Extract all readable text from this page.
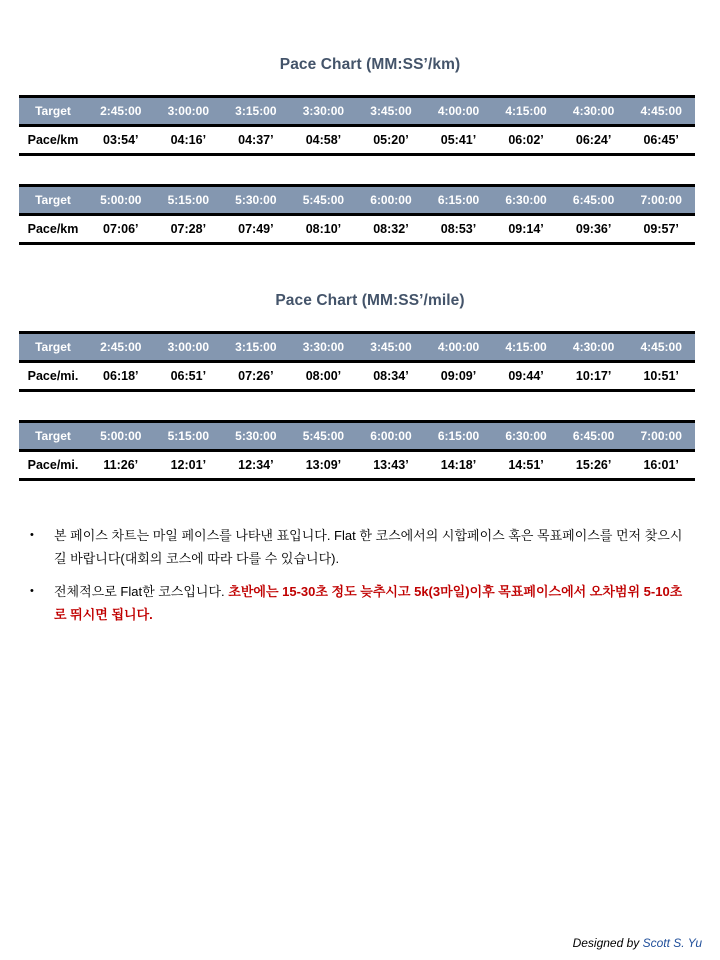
Pace Chart (MM:SS’/km)
Target	2:45:00	3:00:00	3:15:00	3:30:00	3:45:00	4:00:00	4:15:00	4:30:00	4:45:00
Pace/km	03:54’	04:16’	04:37’	04:58’	05:20’	05:41’	06:02’	06:24’	06:45’
Target	5:00:00	5:15:00	5:30:00	5:45:00	6:00:00	6:15:00	6:30:00	6:45:00	7:00:00
Pace/km	07:06’	07:28’	07:49’	08:10’	08:32’	08:53’	09:14’	09:36’	09:57’
Pace Chart (MM:SS’/mile)
Target	2:45:00	3:00:00	3:15:00	3:30:00	3:45:00	4:00:00	4:15:00	4:30:00	4:45:00
Pace/mi.	06:18’	06:51’	07:26’	08:00’	08:34’	09:09’	09:44’	10:17’	10:51’
Target	5:00:00	5:15:00	5:30:00	5:45:00	6:00:00	6:15:00	6:30:00	6:45:00	7:00:00
Pace/mi.	11:26’	12:01’	12:34’	13:09’	13:43’	14:18’	14:51’	15:26’	16:01’
• 본 페이스 차트는 마일 페이스를 나타낸 표입니다. Flat 한 코스에서의 시합페이스 혹은 목표페이스를 먼저 찾으시길 바랍니다(대회의 코스에 따라 다를 수 있습니다).
• 전체적으로 Flat한 코스입니다. 초반에는 15-30초 정도 늦추시고 5k(3마일)이후 목표페이스에서 오차범위 5-10초로 뛰시면 됩니다.
Designed by Scott S. Yu
